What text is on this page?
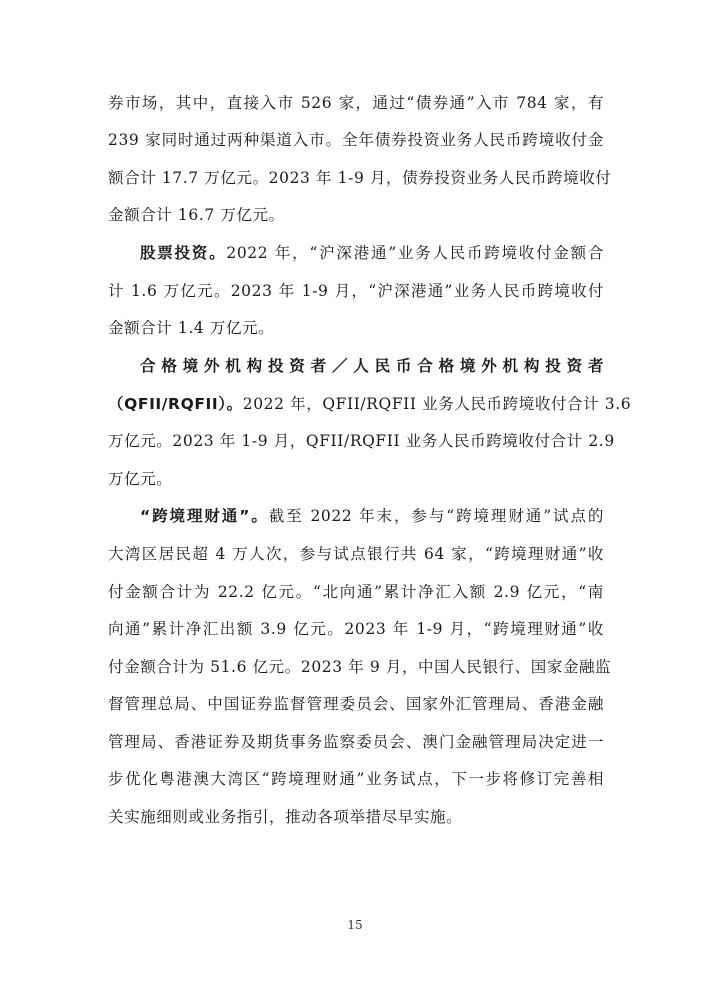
券市场，其中，直接入市 526 家，通过“债券通”入市 784 家，有
239 家同时通过两种渠道入市。全年债券投资业务人民币跨境收付金
额合计 17.7 万亿元。2023 年 1-9 月，债券投资业务人民币跨境收付
金额合计 16.7 万亿元。
股票投资。2022 年，“沪深港通”业务人民币跨境收付金额合
计 1.6 万亿元。2023 年 1-9 月，“沪深港通”业务人民币跨境收付
金额合计 1.4 万亿元。
合格境外机构投资者／人民币合格境外机构投资者
（QFII/RQFII）。2022 年，QFII/RQFII 业务人民币跨境收付合计 3.6
万亿元。2023 年 1-9 月，QFII/RQFII 业务人民币跨境收付合计 2.9
万亿元。
“跨境理财通”。截至 2022 年末，参与“跨境理财通”试点的
大湾区居民超 4 万人次，参与试点银行共 64 家，“跨境理财通”收
付金额合计为 22.2 亿元。“北向通”累计净汇入额 2.9 亿元，“南
向通”累计净汇出额 3.9 亿元。2023 年 1-9 月，“跨境理财通”收
付金额合计为 51.6 亿元。2023 年 9 月，中国人民银行、国家金融监
督管理总局、中国证券监督管理委员会、国家外汇管理局、香港金融
管理局、香港证券及期货事务监察委员会、澳门金融管理局决定进一
步优化粤港澳大湾区“跨境理财通”业务试点，下一步将修订完善相
关实施细则或业务指引，推动各项举措尽早实施。
15
